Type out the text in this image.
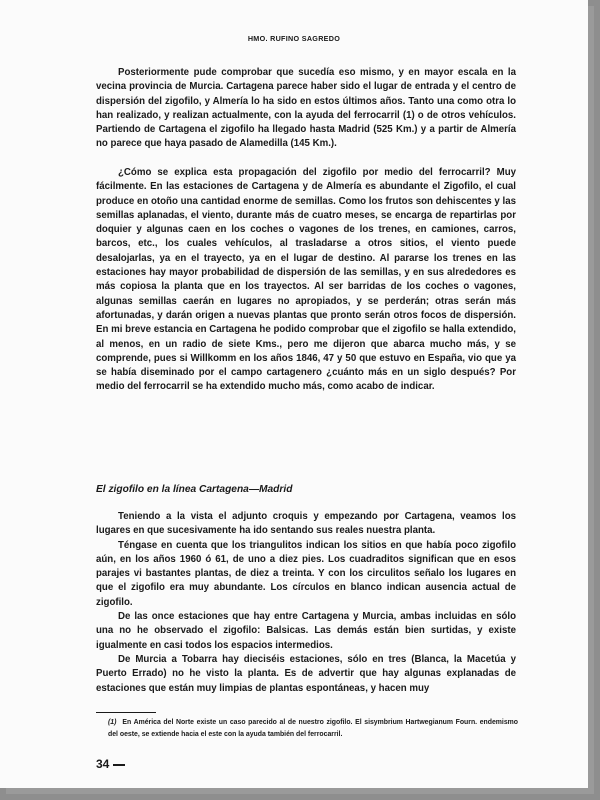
HMO. RUFINO SAGREDO

Posteriormente pude comprobar que sucedía eso mismo, y en mayor escala en la vecina provincia de Murcia. Cartagena parece haber sido el lugar de entrada y el centro de dispersión del zigofilo, y Almería lo ha sido en estos últimos años. Tanto una como otra lo han realizado, y realizan actualmente, con la ayuda del ferrocarril (1) o de otros vehículos. Partiendo de Cartagena el zigofilo ha llegado hasta Madrid (525 Km.) y a partir de Almería no parece que haya pasado de Alamedilla (145 Km.).

¿Cómo se explica esta propagación del zigofilo por medio del ferrocarril? Muy fácilmente. En las estaciones de Cartagena y de Almería es abundante el Zigofilo, el cual produce en otoño una cantidad enorme de semillas. Como los frutos son dehiscentes y las semillas aplanadas, el viento, durante más de cuatro meses, se encarga de repartirlas por doquier y algunas caen en los coches o vagones de los trenes, en camiones, carros, barcos, etc., los cuales vehículos, al trasladarse a otros sitios, el viento puede desalojarlas, ya en el trayecto, ya en el lugar de destino. Al pararse los trenes en las estaciones hay mayor probabilidad de dispersión de las semillas, y en sus alrededores es más copiosa la planta que en los trayectos. Al ser barridas de los coches o vagones, algunas semillas caerán en lugares no apropiados, y se perderán; otras serán más afortunadas, y darán origen a nuevas plantas que pronto serán otros focos de dispersión. En mi breve estancia en Cartagena he podido comprobar que el zigofilo se halla extendido, al menos, en un radio de siete Kms., pero me dijeron que abarca mucho más, y se comprende, pues si Willkomm en los años 1846, 47 y 50 que estuvo en España, vio que ya se había diseminado por el campo cartagenero ¿cuánto más en un siglo después? Por medio del ferrocarril se ha extendido mucho más, como acabo de indicar.

El zigofilo en la línea Cartagena—Madrid

Teniendo a la vista el adjunto croquis y empezando por Cartagena, veamos los lugares en que sucesivamente ha ido sentando sus reales nuestra planta.

Téngase en cuenta que los triangulitos indican los sitios en que había poco zigofilo aún, en los años 1960 ó 61, de uno a diez pies. Los cuadraditos significan que en esos parajes vi bastantes plantas, de diez a treinta. Y con los circulitos señalo los lugares en que el zigofilo era muy abundante. Los círculos en blanco indican ausencia actual de zigofilo.

De las once estaciones que hay entre Cartagena y Murcia, ambas incluidas en sólo una no he observado el zigofilo: Balsicas. Las demás están bien surtidas, y existe igualmente en casi todos los espacios intermedios.

De Murcia a Tobarra hay dieciséis estaciones, sólo en tres (Blanca, la Macetúa y Puerto Errado) no he visto la planta. Es de advertir que hay algunas explanadas de estaciones que están muy limpias de plantas espontáneas, y hacen muy

(1) En América del Norte existe un caso parecido al de nuestro zigofilo. El sisymbrium Hartwegianum Fourn. endemismo del oeste, se extiende hacia el este con la ayuda también del ferrocarril.
34
